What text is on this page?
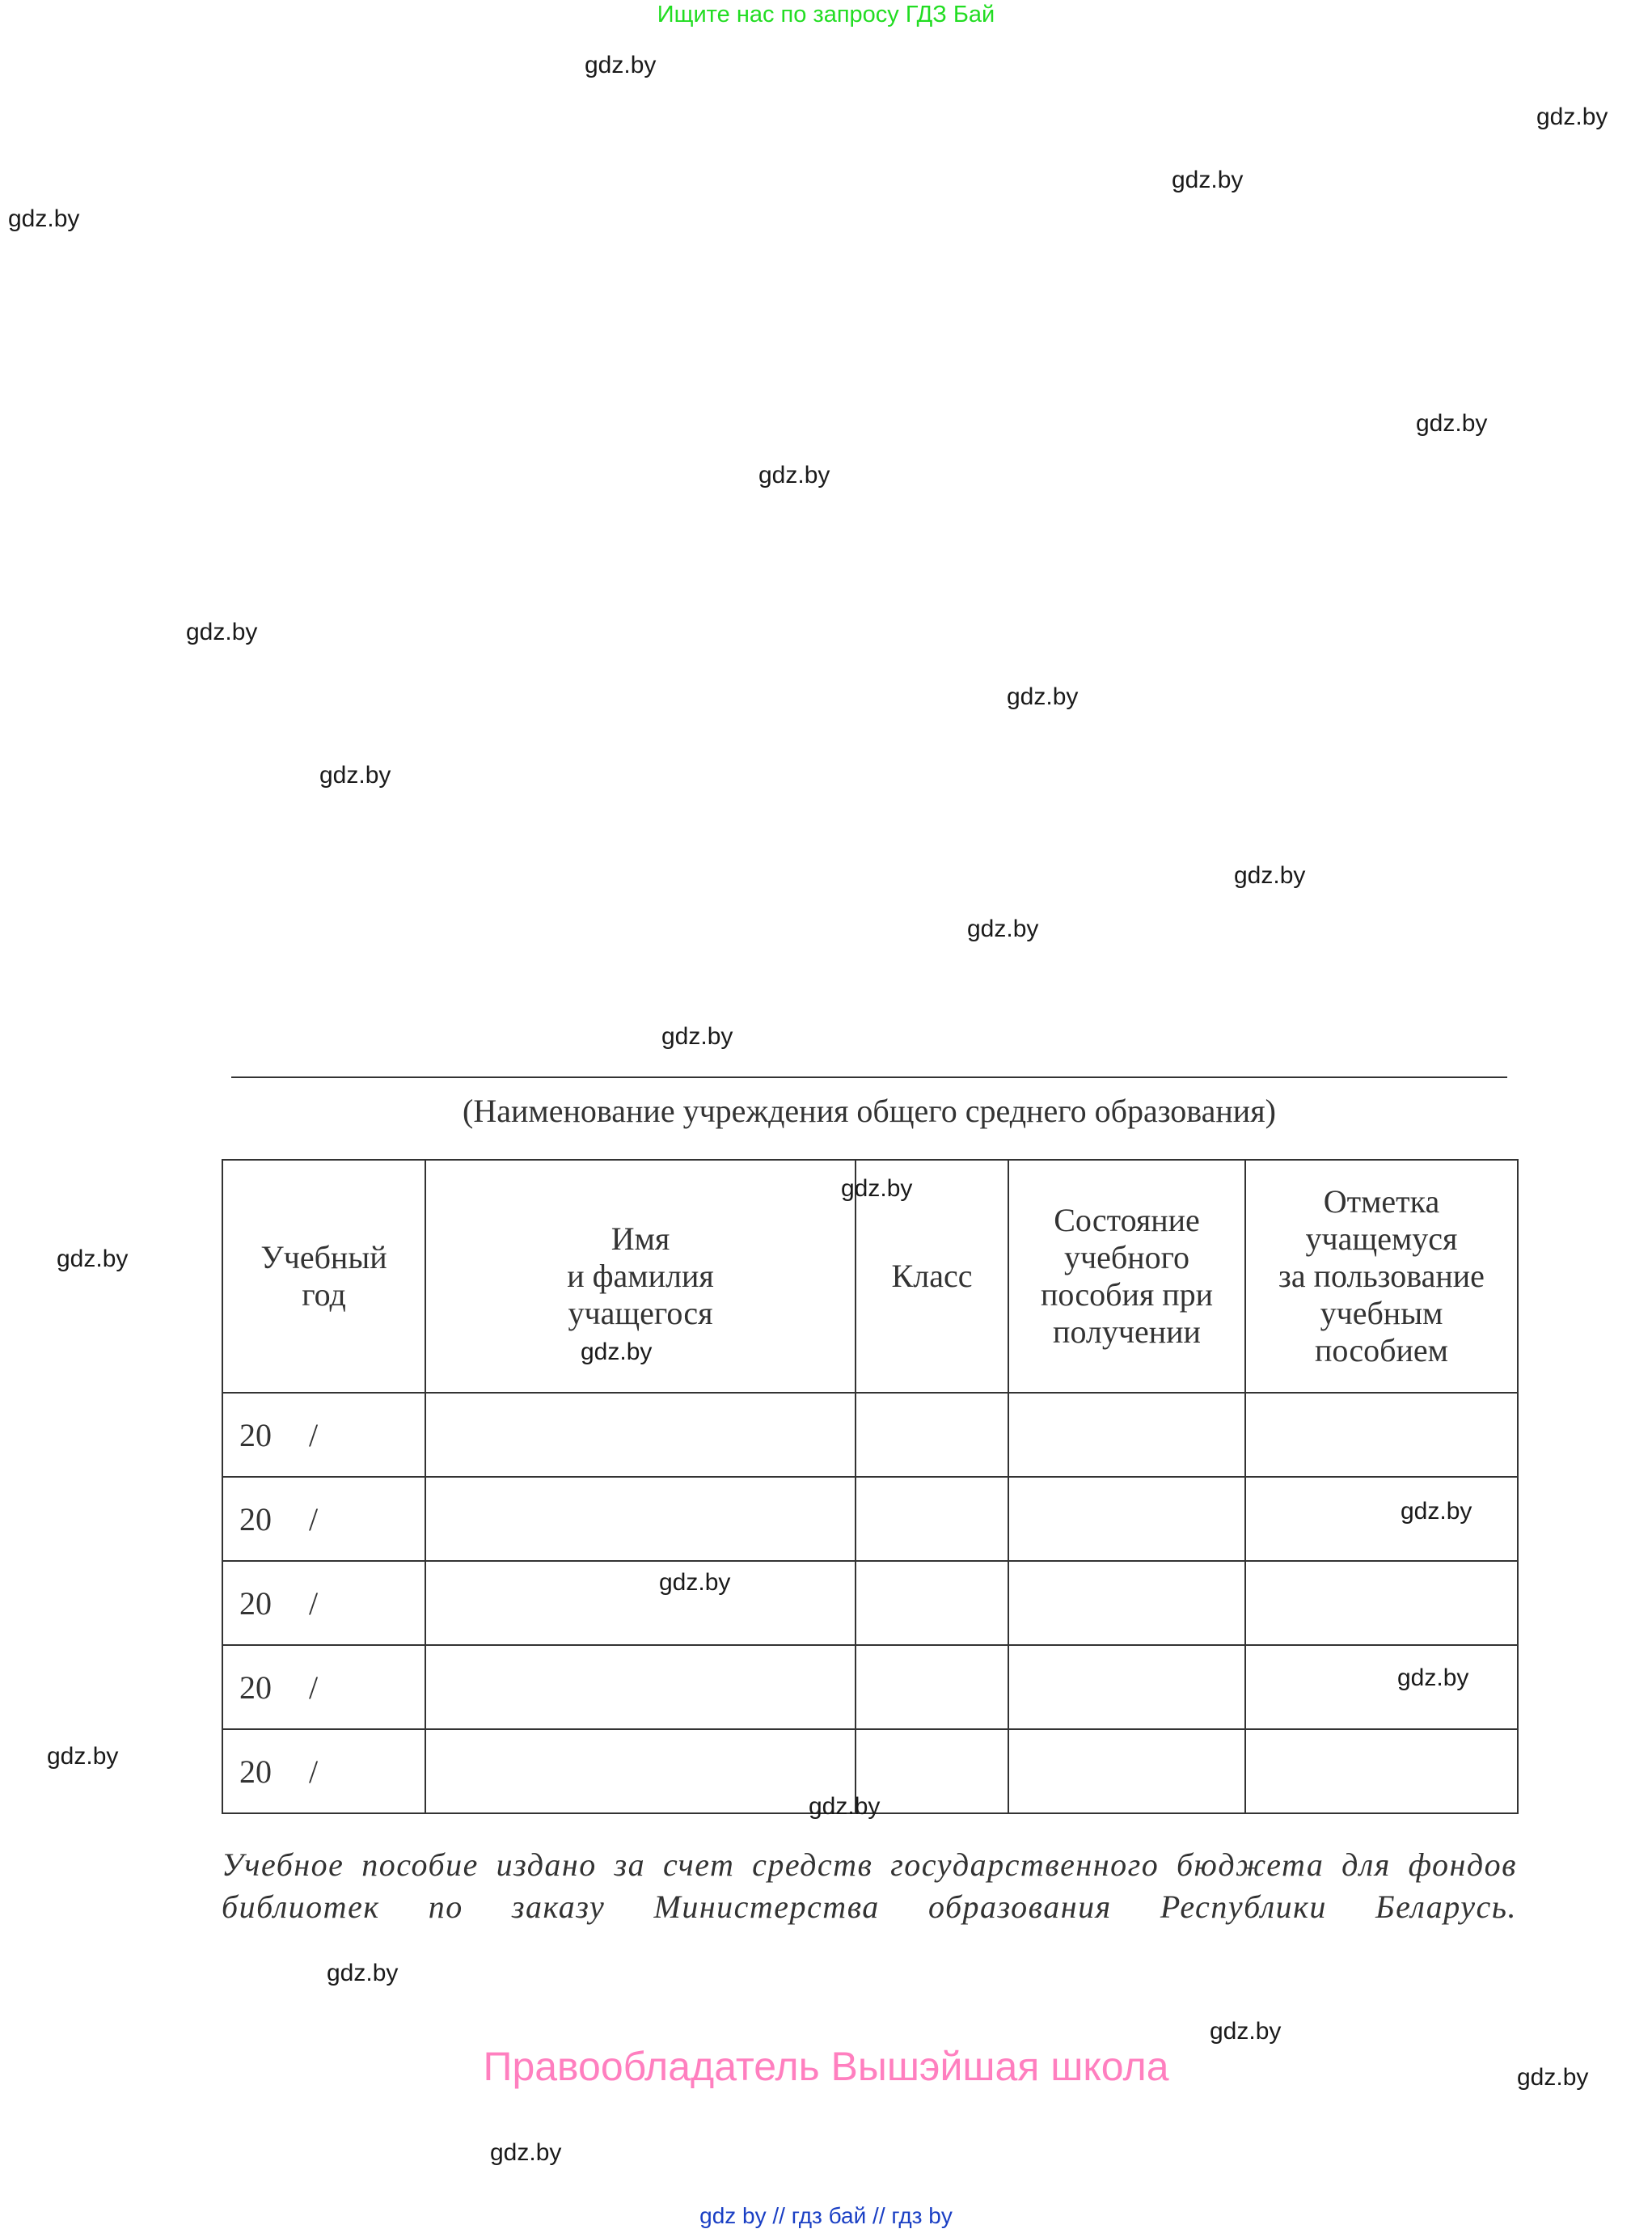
Ищите нас по запросу ГДЗ Бай
gdz.by
gdz.by
gdz.by
gdz.by
gdz.by
gdz.by
gdz.by
gdz.by
gdz.by
gdz.by
gdz.by
gdz.by
(Наименование учреждения общего среднего образования)
Учебный
год	Имя
и фамилия
учащегося	Класс	Состояние
учебного
пособия при
получении	Отметка
учащемуся
за пользование
учебным
пособием
20 /				
20 /				
20 /				
20 /				
20 /				
gdz.by
gdz.by
gdz.by
gdz.by
gdz.by
gdz.by
gdz.by
gdz.by
Учебное пособие издано за счет средств государственного бюджета для фондов библиотек по заказу Министерства образования Республики Беларусь.
gdz.by
gdz.by
Правообладатель Вышэйшая школа	gdz.by
gdz.by
gdz by // гдз бай // гдз by
